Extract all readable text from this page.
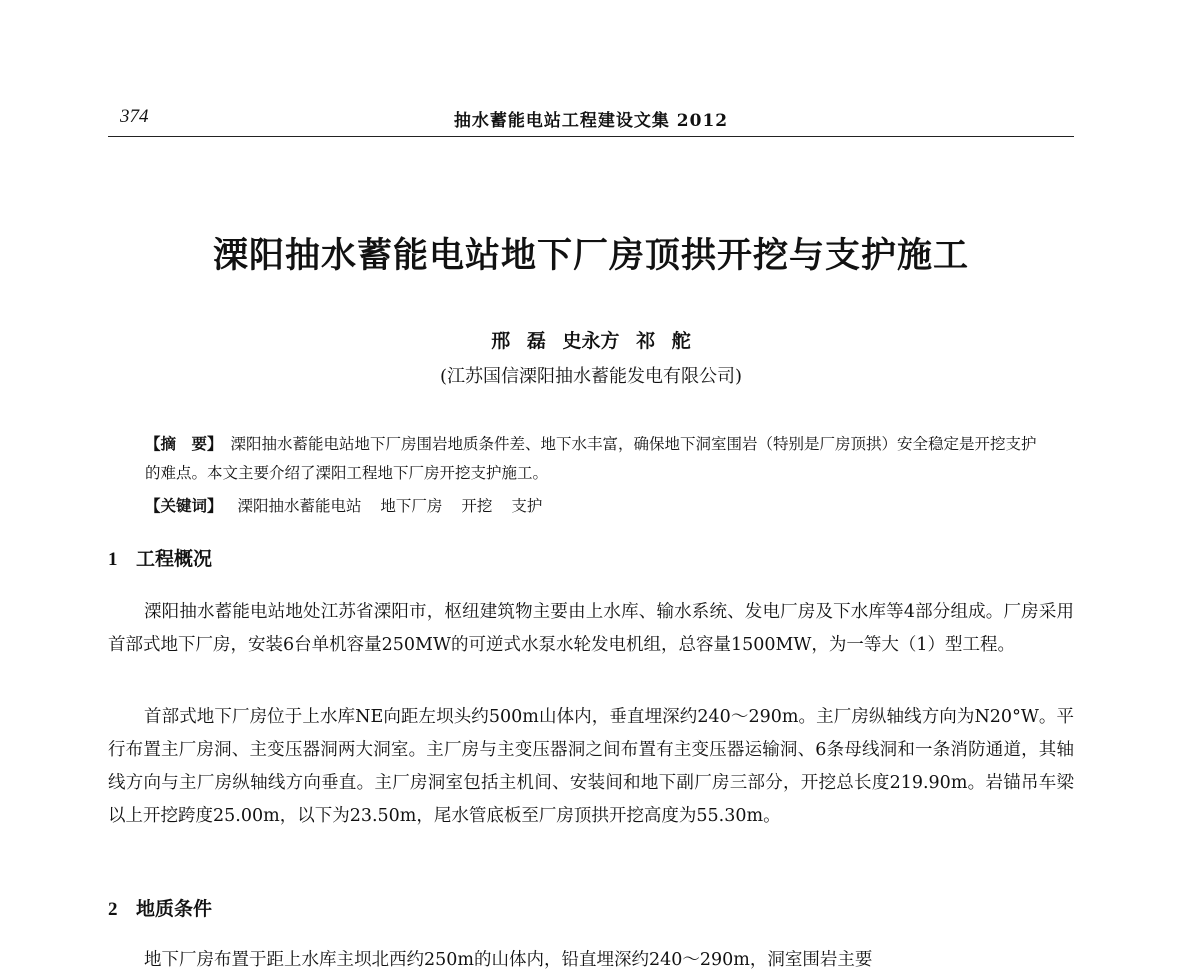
374	抽水蓄能电站工程建设文集 2012
溧阳抽水蓄能电站地下厂房顶拱开挖与支护施工
邢 磊 史永方 祁 舵
(江苏国信溧阳抽水蓄能发电有限公司)
【摘　要】 溧阳抽水蓄能电站地下厂房围岩地质条件差、地下水丰富，确保地下洞室围岩（特别是厂房顶拱）安全稳定是开挖支护的难点。本文主要介绍了溧阳工程地下厂房开挖支护施工。
【关键词】 溧阳抽水蓄能电站 地下厂房 开挖 支护
1 工程概况
溧阳抽水蓄能电站地处江苏省溧阳市，枢纽建筑物主要由上水库、输水系统、发电厂房及下水库等4部分组成。厂房采用首部式地下厂房，安装6台单机容量250MW的可逆式水泵水轮发电机组，总容量1500MW，为一等大（1）型工程。
首部式地下厂房位于上水库NE向距左坝头约500m山体内，垂直埋深约240～290m。主厂房纵轴线方向为N20°W。平行布置主厂房洞、主变压器洞两大洞室。主厂房与主变压器洞之间布置有主变压器运输洞、6条母线洞和一条消防通道，其轴线方向与主厂房纵轴线方向垂直。主厂房洞室包括主机间、安装间和地下副厂房三部分，开挖总长度219.90m。岩锚吊车梁以上开挖跨度25.00m，以下为23.50m，尾水管底板至厂房顶拱开挖高度为55.30m。
2 地质条件
地下厂房布置于距上水库主坝北西约250m的山体内，铅直埋深约240～290m，洞室围岩主要
